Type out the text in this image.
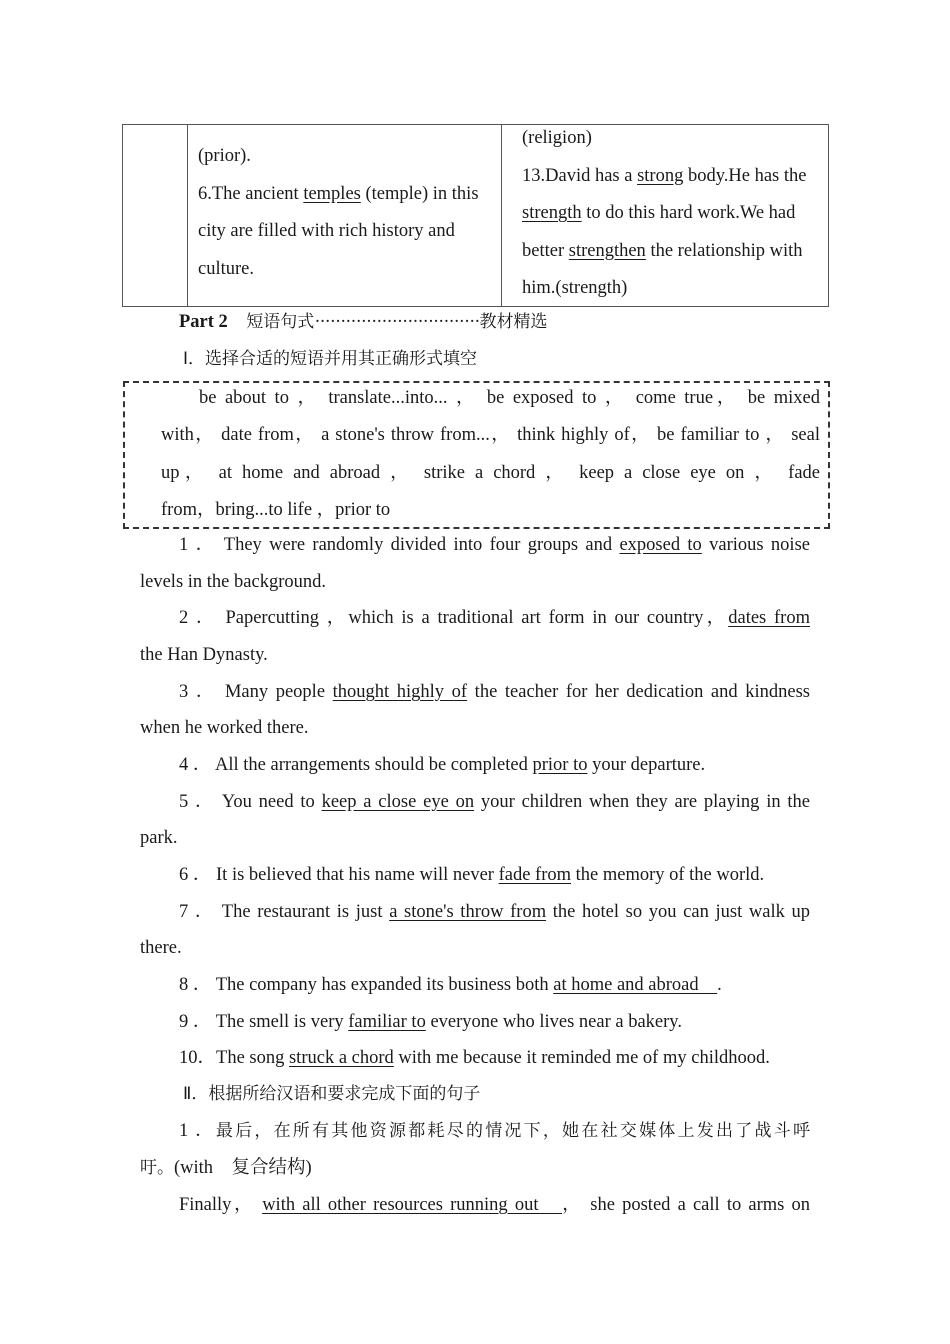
(prior).
6.The ancient temples (temple) in this
city are filled with rich history and
culture.
(religion)
13.David has a strong body.He has the
strength to do this hard work.We had
better strengthen the relationship with
him.(strength)
Part 2 短语句式································教材精选
Ⅰ．选择合适的短语并用其正确形式填空
be about to ， translate...into... ， be exposed to ， come true， be mixed
with， date from， a stone's throw from...， think highly of， be familiar to ， seal
up， at home and abroad ， strike a chord ， keep a close eye on ， fade
from，bring...to life ，prior to
1 ． They were randomly divided into four groups and exposed to various noise
levels in the background.
2 ． Papercutting ，which is a traditional art form in our country，dates from
the Han Dynasty.
3 ． Many people thought highly of the teacher for her dedication and kindness
when he worked there.
4 ． All the arrangements should be completed prior to your departure.
5 ． You need to keep a close eye on your children when they are playing in the
park.
6 ． It is believed that his name will never fade from the memory of the world.
7 ． The restaurant is just a stone's throw from the hotel so you can just walk up
there.
8 ． The company has expanded its business both at home and abroad　.
9 ． The smell is very familiar to everyone who lives near a bakery.
10．The song struck a chord with me because it reminded me of my childhood.
Ⅱ．根据所给汉语和要求完成下面的句子
1 ．最后，在所有其他资源都耗尽的情况下，她在社交媒体上发出了战斗呼
吁。(with　复合结构)
Finally， with all other resources running out　， she posted a call to arms on
